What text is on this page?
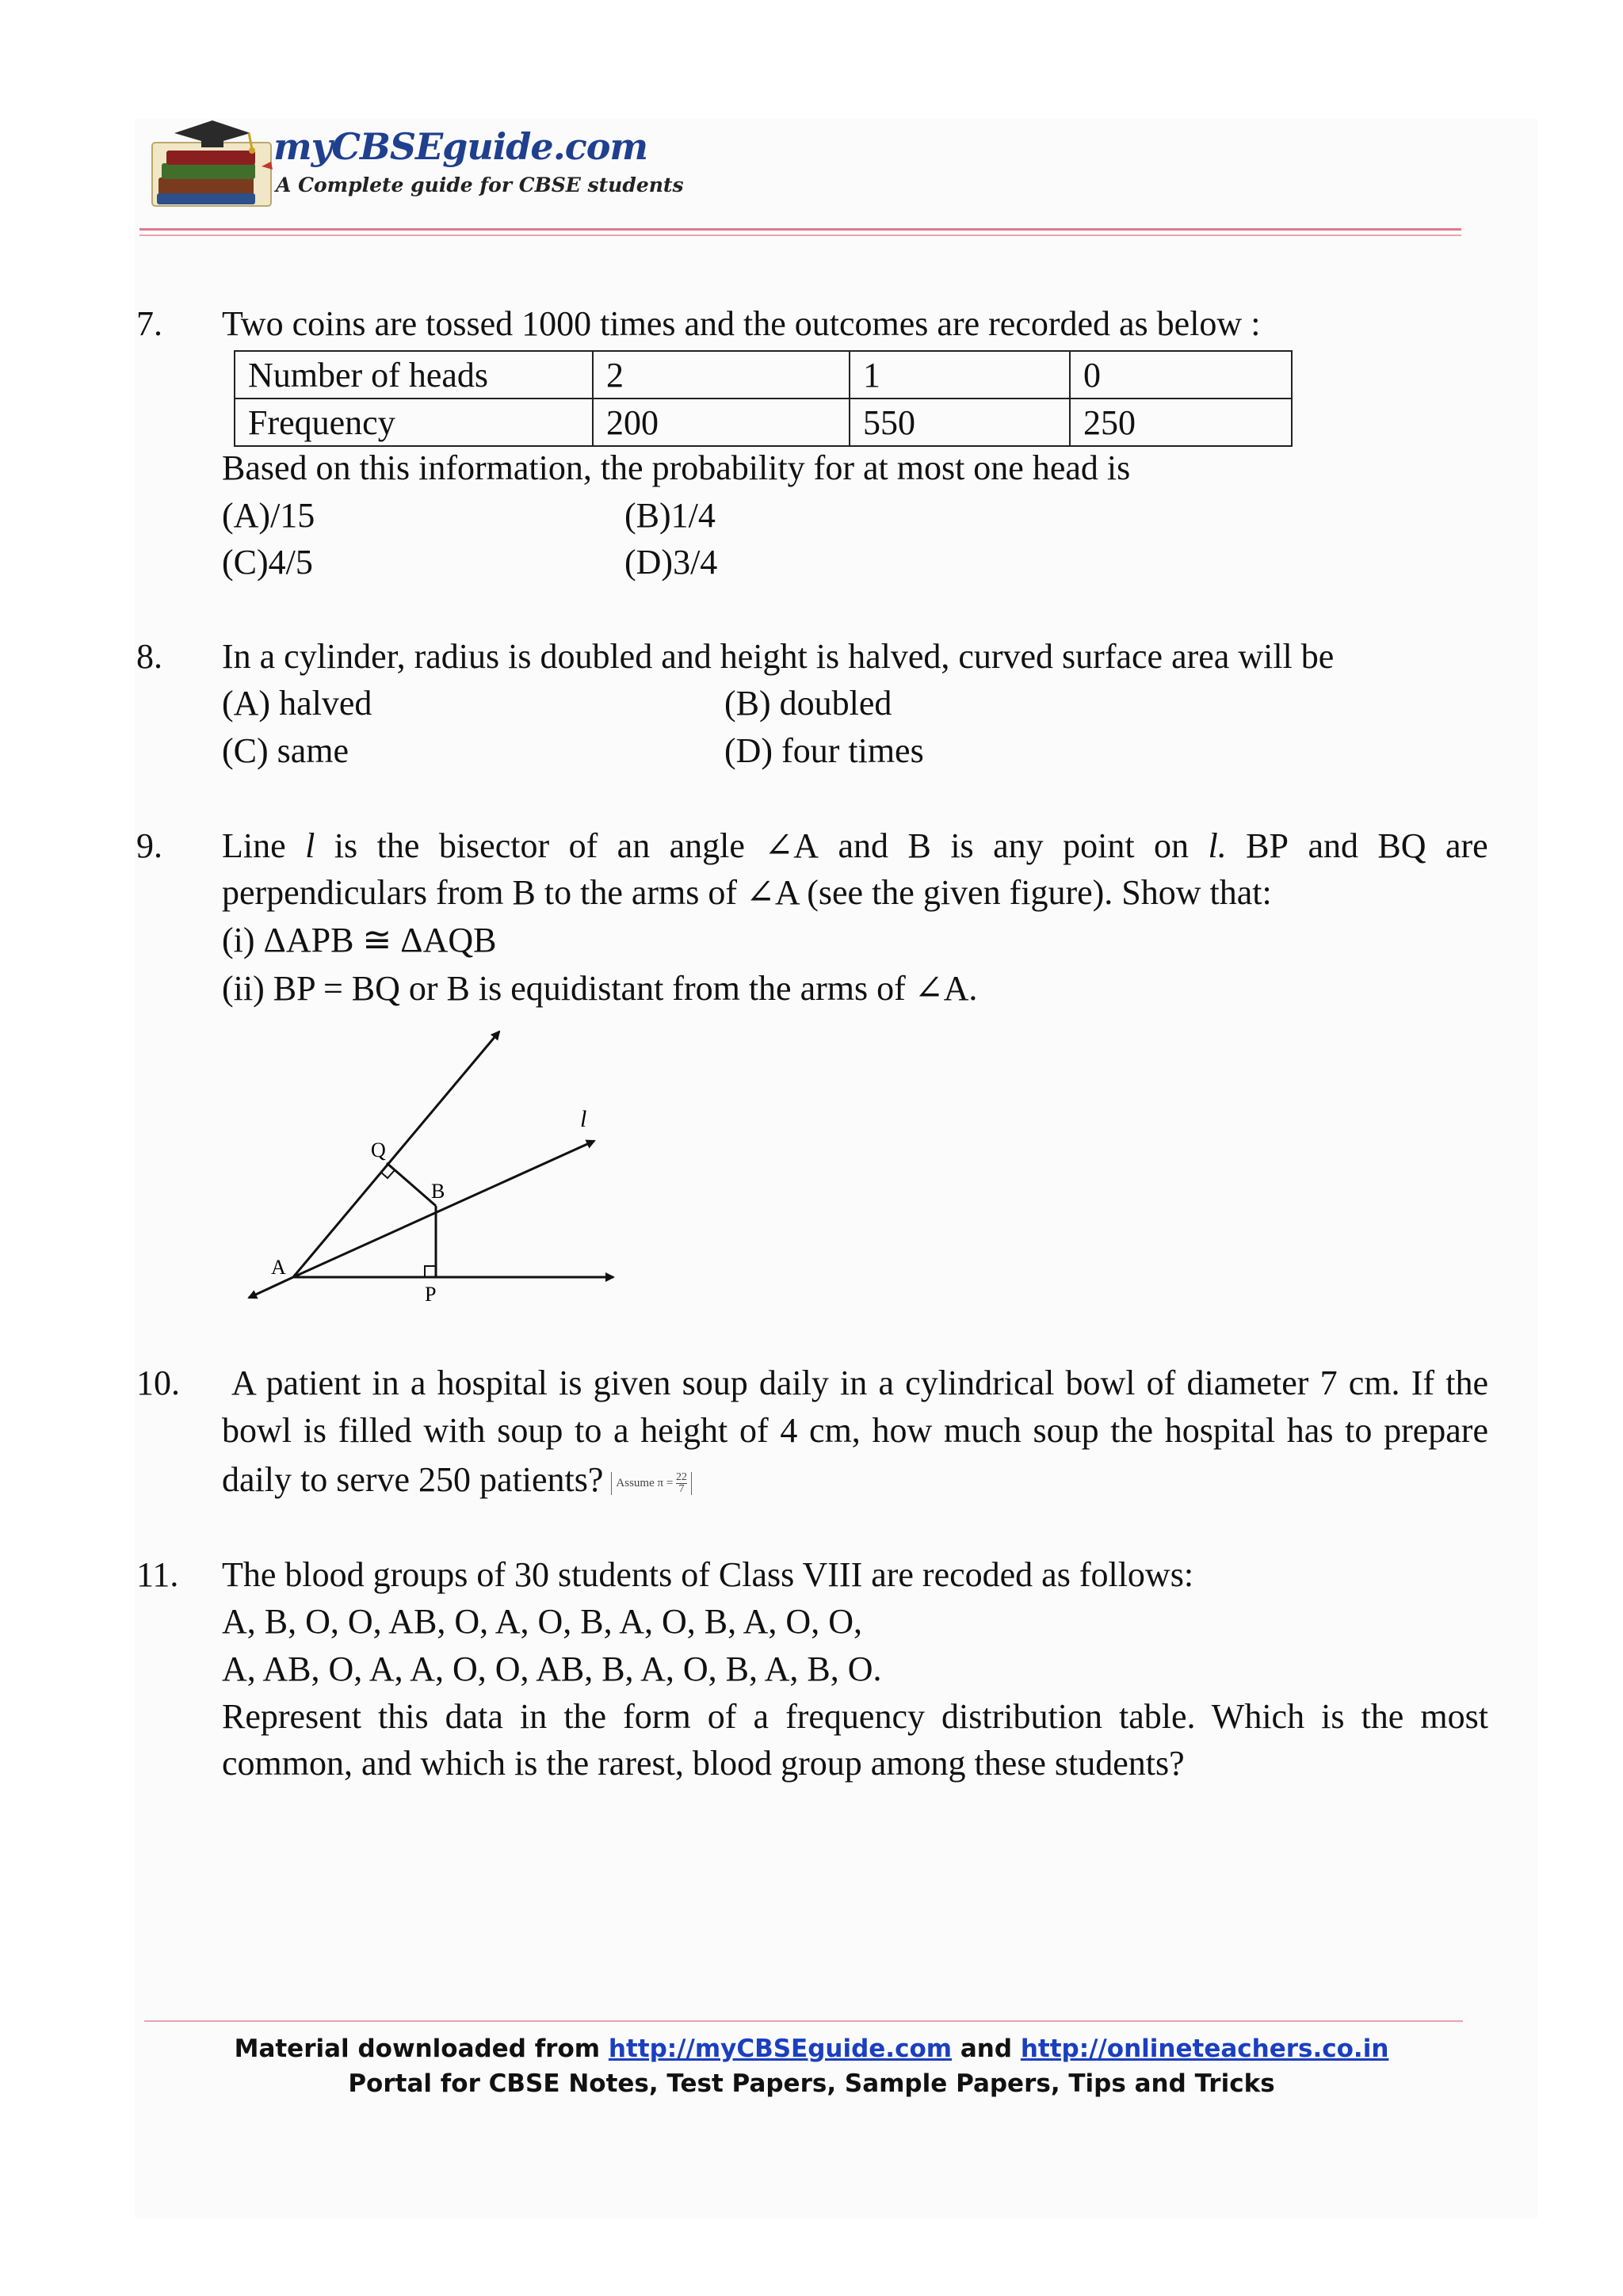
myCBSEguide.com
A Complete guide for CBSE students
7. Two coins are tossed 1000 times and the outcomes are recorded as below :
Number of heads	2	1	0
Frequency	200	550	250
Based on this information, the probability for at most one head is
(A)/15	(B)1/4
(C)4/5	(D)3/4
8. In a cylinder, radius is doubled and height is halved, curved surface area will be
(A) halved	(B) doubled
(C) same	(D) four times
9. Line l is the bisector of an angle ∠A and B is any point on l. BP and BQ are
perpendiculars from B to the arms of ∠A (see the given figure). Show that:
(i) ΔAPB ≅ ΔAQB
(ii) BP = BQ or B is equidistant from the arms of ∠A.
Q
B
A
P
l
10. A patient in a hospital is given soup daily in a cylindrical bowl of diameter 7 cm. If the
bowl is filled with soup to a height of 4 cm, how much soup the hospital has to prepare
daily to serve 250 patients? Assume $\pi = \frac{22}{7}$
11. The blood groups of 30 students of Class VIII are recoded as follows:
A, B, O, O, AB, O, A, O, B, A, O, B, A, O, O,
A, AB, O, A, A, O, O, AB, B, A, O, B, A, B, O.
Represent this data in the form of a frequency distribution table. Which is the most
common, and which is the rarest, blood group among these students?
Material downloaded from http://myCBSEguide.com and http://onlineteachers.co.in
Portal for CBSE Notes, Test Papers, Sample Papers, Tips and Tricks
